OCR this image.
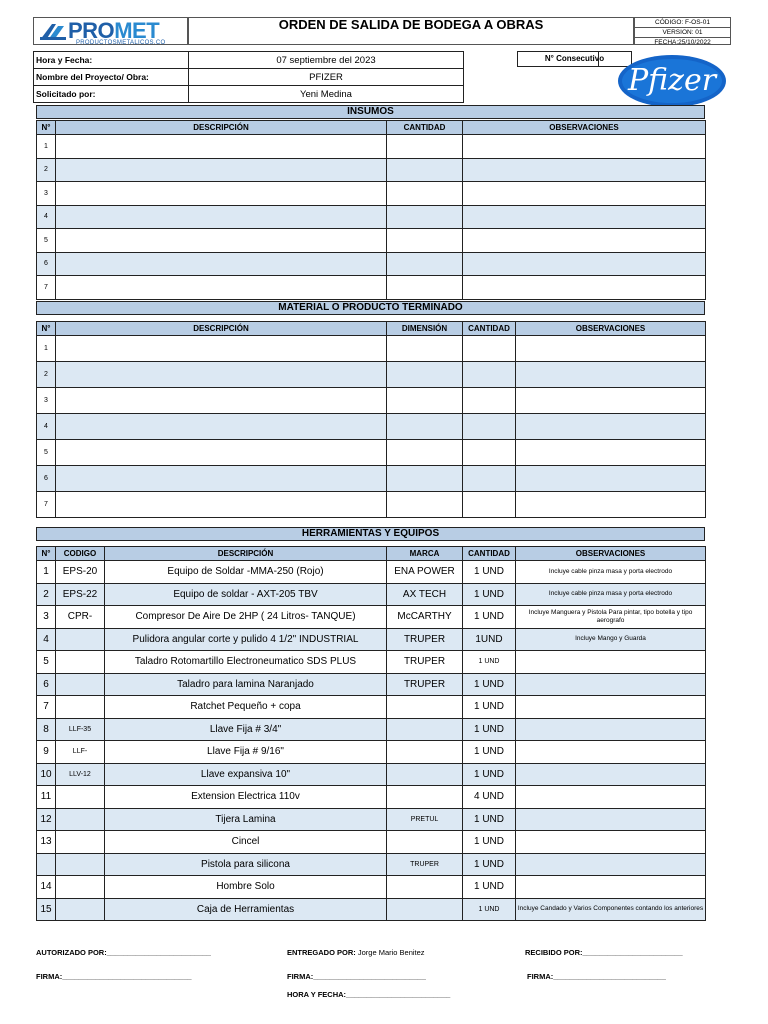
PROMET
PRODUCTOSMETALICOS.CO
ORDEN DE SALIDA DE BODEGA A OBRAS	CÓDIGO: F-OS-01
VERSION: 01
FECHA:25/10/2022
Hora y Fecha:	07 septiembre del 2023
Nombre del Proyecto/ Obra:	PFIZER
Solicitado por:	Yeni Medina
N° Consecutivo
Pfizer
INSUMOS
N°	DESCRIPCIÓN	CANTIDAD	OBSERVACIONES
1			
2			
3			
4			
5			
6			
7			
MATERIAL O PRODUCTO TERMINADO
N°	DESCRIPCIÓN	DIMENSIÓN	CANTIDAD	OBSERVACIONES
1				
2				
3				
4				
5				
6				
7				
HERRAMIENTAS Y EQUIPOS
N°	CODIGO	DESCRIPCIÓN	MARCA	CANTIDAD	OBSERVACIONES
1	EPS-20	Equipo de Soldar -MMA-250 (Rojo)	ENA POWER	1 UND	Incluye cable pinza masa y porta electrodo
2	EPS-22	Equipo de soldar - AXT-205 TBV	AX TECH	1 UND	Incluye cable pinza masa y porta electrodo
3	CPR-	Compresor De Aire De 2HP ( 24 Litros- TANQUE)	McCARTHY	1 UND	Incluye Manguera y Pistola Para pintar, tipo botella y tipo aerografo
4		Pulidora angular corte y pulido 4 1/2" INDUSTRIAL	TRUPER	1UND	Incluye Mango y Guarda
5		Taladro Rotomartillo Electroneumatico SDS PLUS	TRUPER	1 UND	
6		Taladro para lamina Naranjado	TRUPER	1 UND	
7		Ratchet Pequeño + copa		1 UND	
8	LLF-35	Llave Fija # 3/4"		1 UND	
9	LLF-	Llave Fija # 9/16"		1 UND	
10	LLV-12	Llave expansiva 10"		1 UND	
11		Extension Electrica 110v		4 UND	
12		Tijera Lamina	PRETUL	1 UND	
13		Cincel		1 UND	
		Pistola para silicona	TRUPER	1 UND	
14		Hombre Solo		1 UND	
15		Caja de Herramientas		1 UND	Incluye Candado y Varios Componentes contando los anteriores
AUTORIZADO POR:_________________________	ENTREGADO POR: Jorge Mario Benitez	RECIBIDO POR:________________________
FIRMA:_______________________________	FIRMA:___________________________	FIRMA:___________________________
HORA Y FECHA:_________________________
